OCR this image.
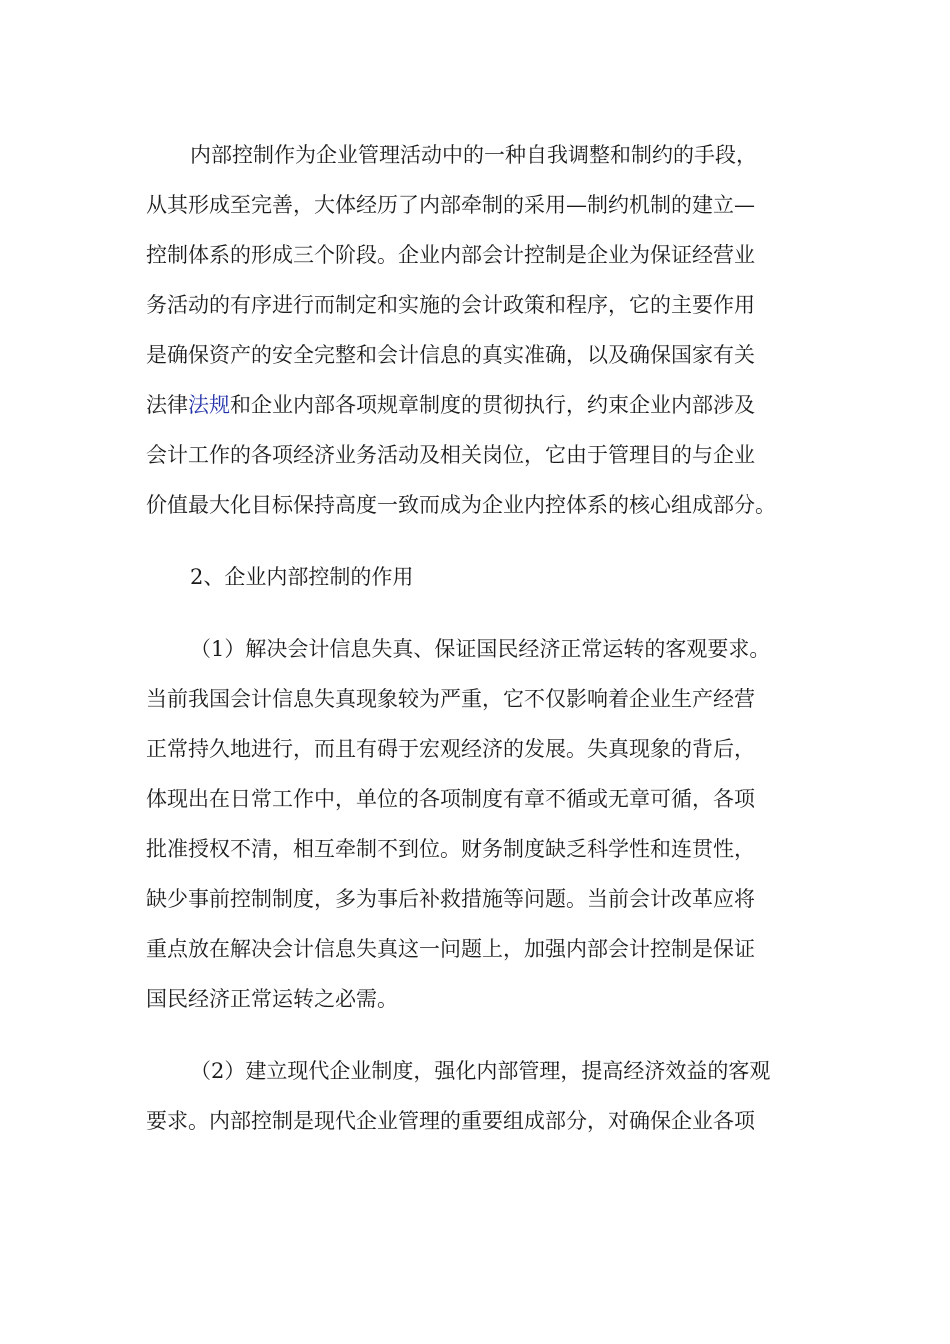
内部控制作为企业管理活动中的一种自我调整和制约的手段，
从其形成至完善，大体经历了内部牵制的采用—制约机制的建立—
控制体系的形成三个阶段。企业内部会计控制是企业为保证经营业
务活动的有序进行而制定和实施的会计政策和程序，它的主要作用
是确保资产的安全完整和会计信息的真实准确，以及确保国家有关
法律法规和企业内部各项规章制度的贯彻执行，约束企业内部涉及
会计工作的各项经济业务活动及相关岗位，它由于管理目的与企业
价值最大化目标保持高度一致而成为企业内控体系的核心组成部分。
2、企业内部控制的作用
（1）解决会计信息失真、保证国民经济正常运转的客观要求。
当前我国会计信息失真现象较为严重，它不仅影响着企业生产经营
正常持久地进行，而且有碍于宏观经济的发展。失真现象的背后，
体现出在日常工作中，单位的各项制度有章不循或无章可循，各项
批准授权不清，相互牵制不到位。财务制度缺乏科学性和连贯性，
缺少事前控制制度，多为事后补救措施等问题。当前会计改革应将
重点放在解决会计信息失真这一问题上，加强内部会计控制是保证
国民经济正常运转之必需。
（2）建立现代企业制度，强化内部管理，提高经济效益的客观
要求。内部控制是现代企业管理的重要组成部分，对确保企业各项
